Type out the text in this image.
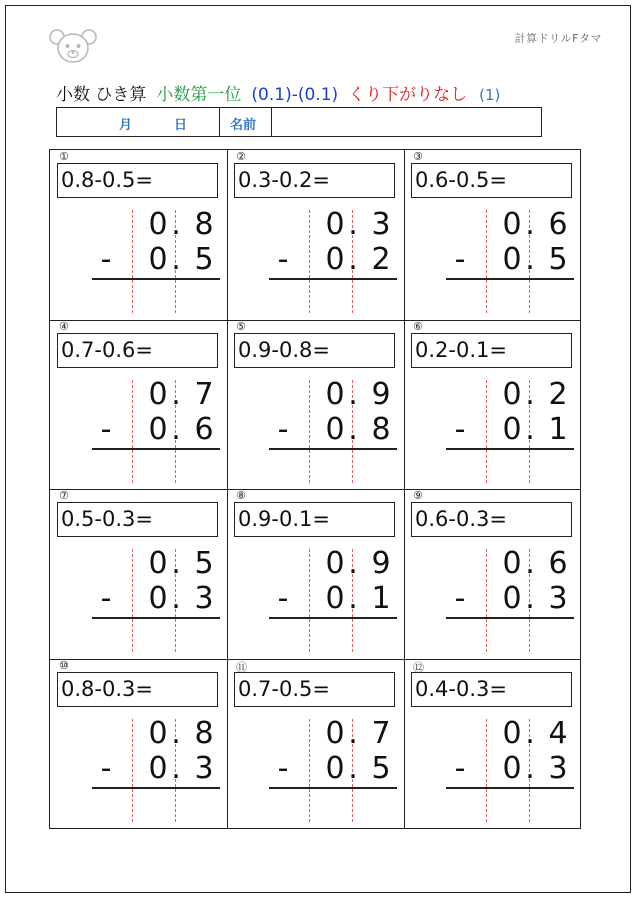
計算ドリルFタマ
小数 ひき算 小数第一位 (0.1)-(0.1) くり下がりなし (1)
月	日	名前
①
0.8-0.5=
0 . 8
- 0 . 5
②
0.3-0.2=
0 . 3
- 0 . 2
③
0.6-0.5=
0 . 6
- 0 . 5
④
0.7-0.6=
0 . 7
- 0 . 6
⑤
0.9-0.8=
0 . 9
- 0 . 8
⑥
0.2-0.1=
0 . 2
- 0 . 1
⑦
0.5-0.3=
0 . 5
- 0 . 3
⑧
0.9-0.1=
0 . 9
- 0 . 1
⑨
0.6-0.3=
0 . 6
- 0 . 3
⑩
0.8-0.3=
0 . 8
- 0 . 3
⑪
0.7-0.5=
0 . 7
- 0 . 5
⑫
0.4-0.3=
0 . 4
- 0 . 3
